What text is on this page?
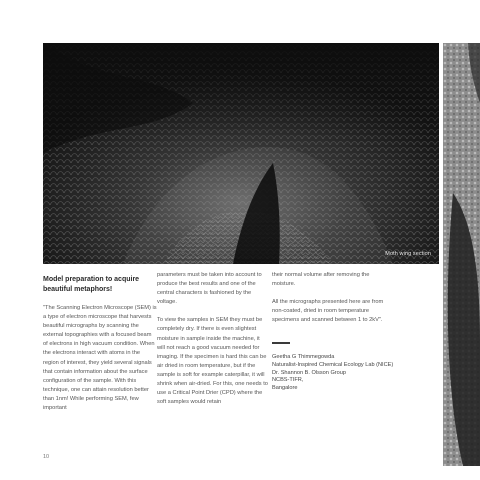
Moth wing section
Model preparation to acquire beautiful metaphors!

"The Scanning Electron Microscope (SEM) is a type of electron microscope that harvests beautiful micrographs by scanning the external topographies with a focused beam of electrons in high vacuum condition. When the electrons interact with atoms in the region of interest, they yield several signals that contain information about the surface configuration of the sample. With this technique, one can attain resolution better than 1nm! While performing SEM, few important

parameters must be taken into account to produce the best results and one of the central characters is fashioned by the voltage.

To view the samples in SEM they must be completely dry. If there is even slightest moisture in sample inside the machine, it will not reach a good vacuum needed for imaging. If the specimen is hard this can be air dried in room temperature, but if the sample is soft for example caterpillar, it will shrink when air-dried. For this, one needs to use a Critical Point Drier (CPD) where the soft samples would retain

their normal volume after removing the moisture.

All the micrographs presented here are from non-coated, dried in room temperature specimens and scanned between 1 to 2kV".

Geetha G Thimmegowda
Naturalist-Inspired Chemical Ecology Lab (NICE)
Dr. Shannon B. Olsson Group
NCBS-TIFR,
Bangalore
10
